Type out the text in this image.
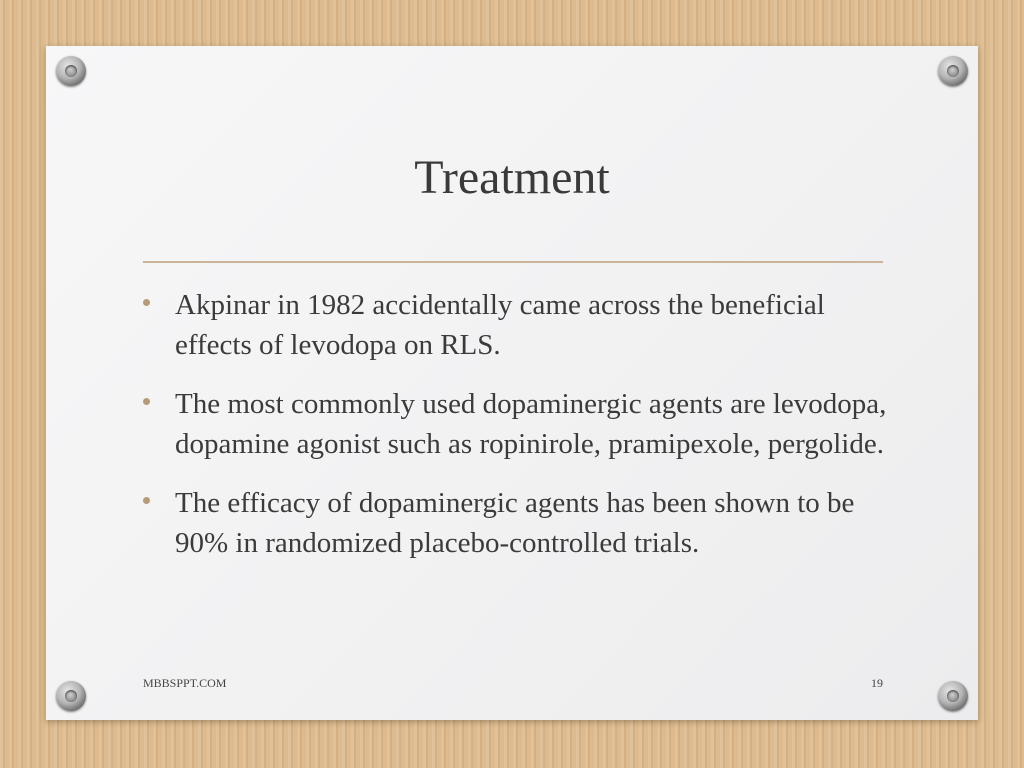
Treatment
Akpinar in 1982 accidentally came across the beneficial effects of levodopa on RLS.
The most commonly used dopaminergic agents are levodopa, dopamine agonist such as ropinirole, pramipexole, pergolide.
The efficacy of dopaminergic agents has been shown to be 90% in randomized placebo-controlled trials.
MBBSPPT.COM	19
